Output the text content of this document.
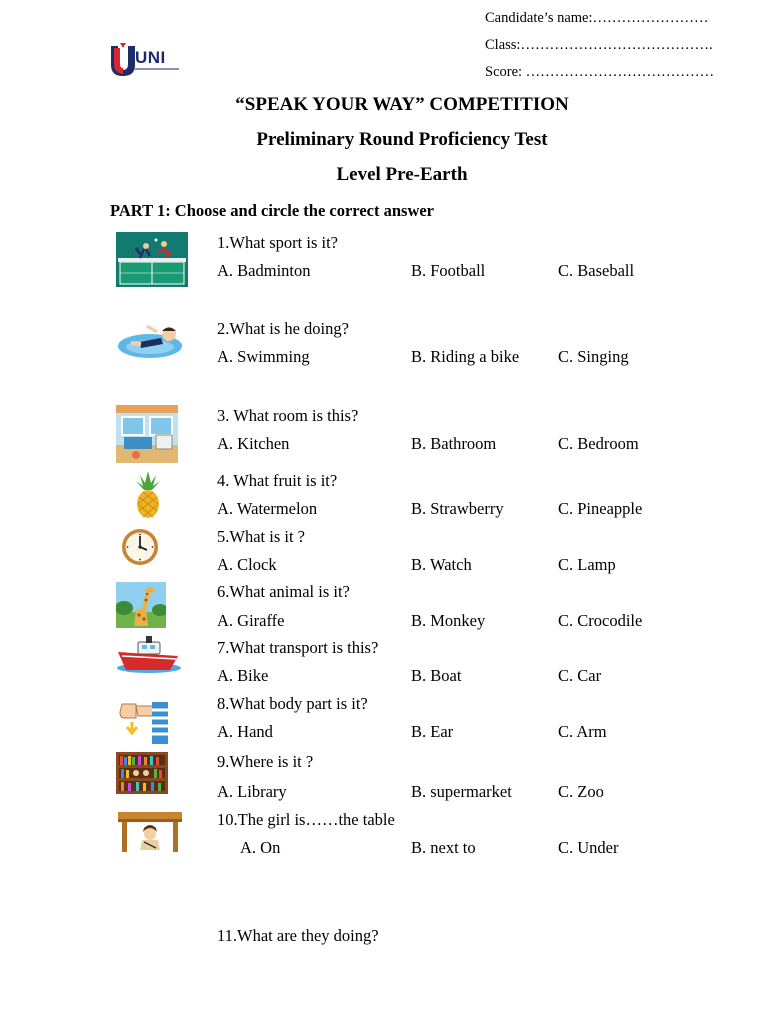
Candidate’s name:……………………
Class:………………………………….
Score: …………………………………
UNI
“SPEAK YOUR WAY” COMPETITION
Preliminary Round Proficiency Test
Level Pre-Earth
PART 1: Choose and circle the correct answer
1.What sport is it?
A. Badminton	B. Football	C. Baseball
2.What is he doing?
A. Swimming	B. Riding a bike C. Singing
3. What room is this?
A. Kitchen	B. Bathroom	C. Bedroom
4. What fruit is it?
A. Watermelon	B. Strawberry	C. Pineapple
5.What is it ?
A. Clock	B. Watch	C. Lamp
6.What animal is it?
A. Giraffe	B. Monkey	C. Crocodile
7.What transport is this?
A. Bike	B. Boat	C. Car
8.What body part is it?
A. Hand	B. Ear	C. Arm
9.Where is it ?
A. Library	B. supermarket	C. Zoo
10.The girl is……the table
A. On	B. next to	C. Under
11.What are they doing?
